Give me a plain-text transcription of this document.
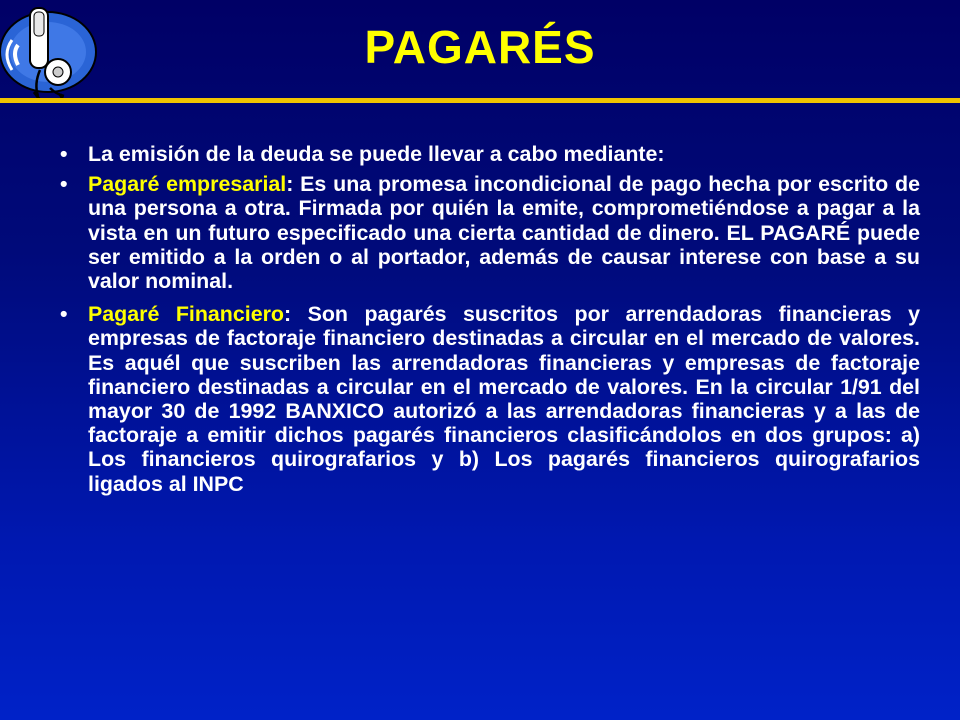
PAGARÉS
• La emisión de la deuda se puede llevar a cabo mediante:
• Pagaré empresarial: Es una promesa incondicional de pago hecha por escrito de una persona a otra. Firmada por quién la emite, comprometiéndose a pagar a la vista en un futuro especificado una cierta cantidad de dinero. EL PAGARÉ puede ser emitido a la orden o al portador, además de causar interese con base a su valor nominal.
• Pagaré Financiero: Son pagarés suscritos por arrendadoras financieras y empresas de factoraje financiero destinadas a circular en el mercado de valores. Es aquél que suscriben las arrendadoras financieras y empresas de factoraje financiero destinadas a circular en el mercado de valores. En la circular 1/91 del mayor 30 de 1992 BANXICO autorizó a las arrendadoras financieras y a las de factoraje a emitir dichos pagarés financieros clasificándolos en dos grupos: a) Los financieros quirografarios y b) Los pagarés financieros quirografarios ligados al INPC
